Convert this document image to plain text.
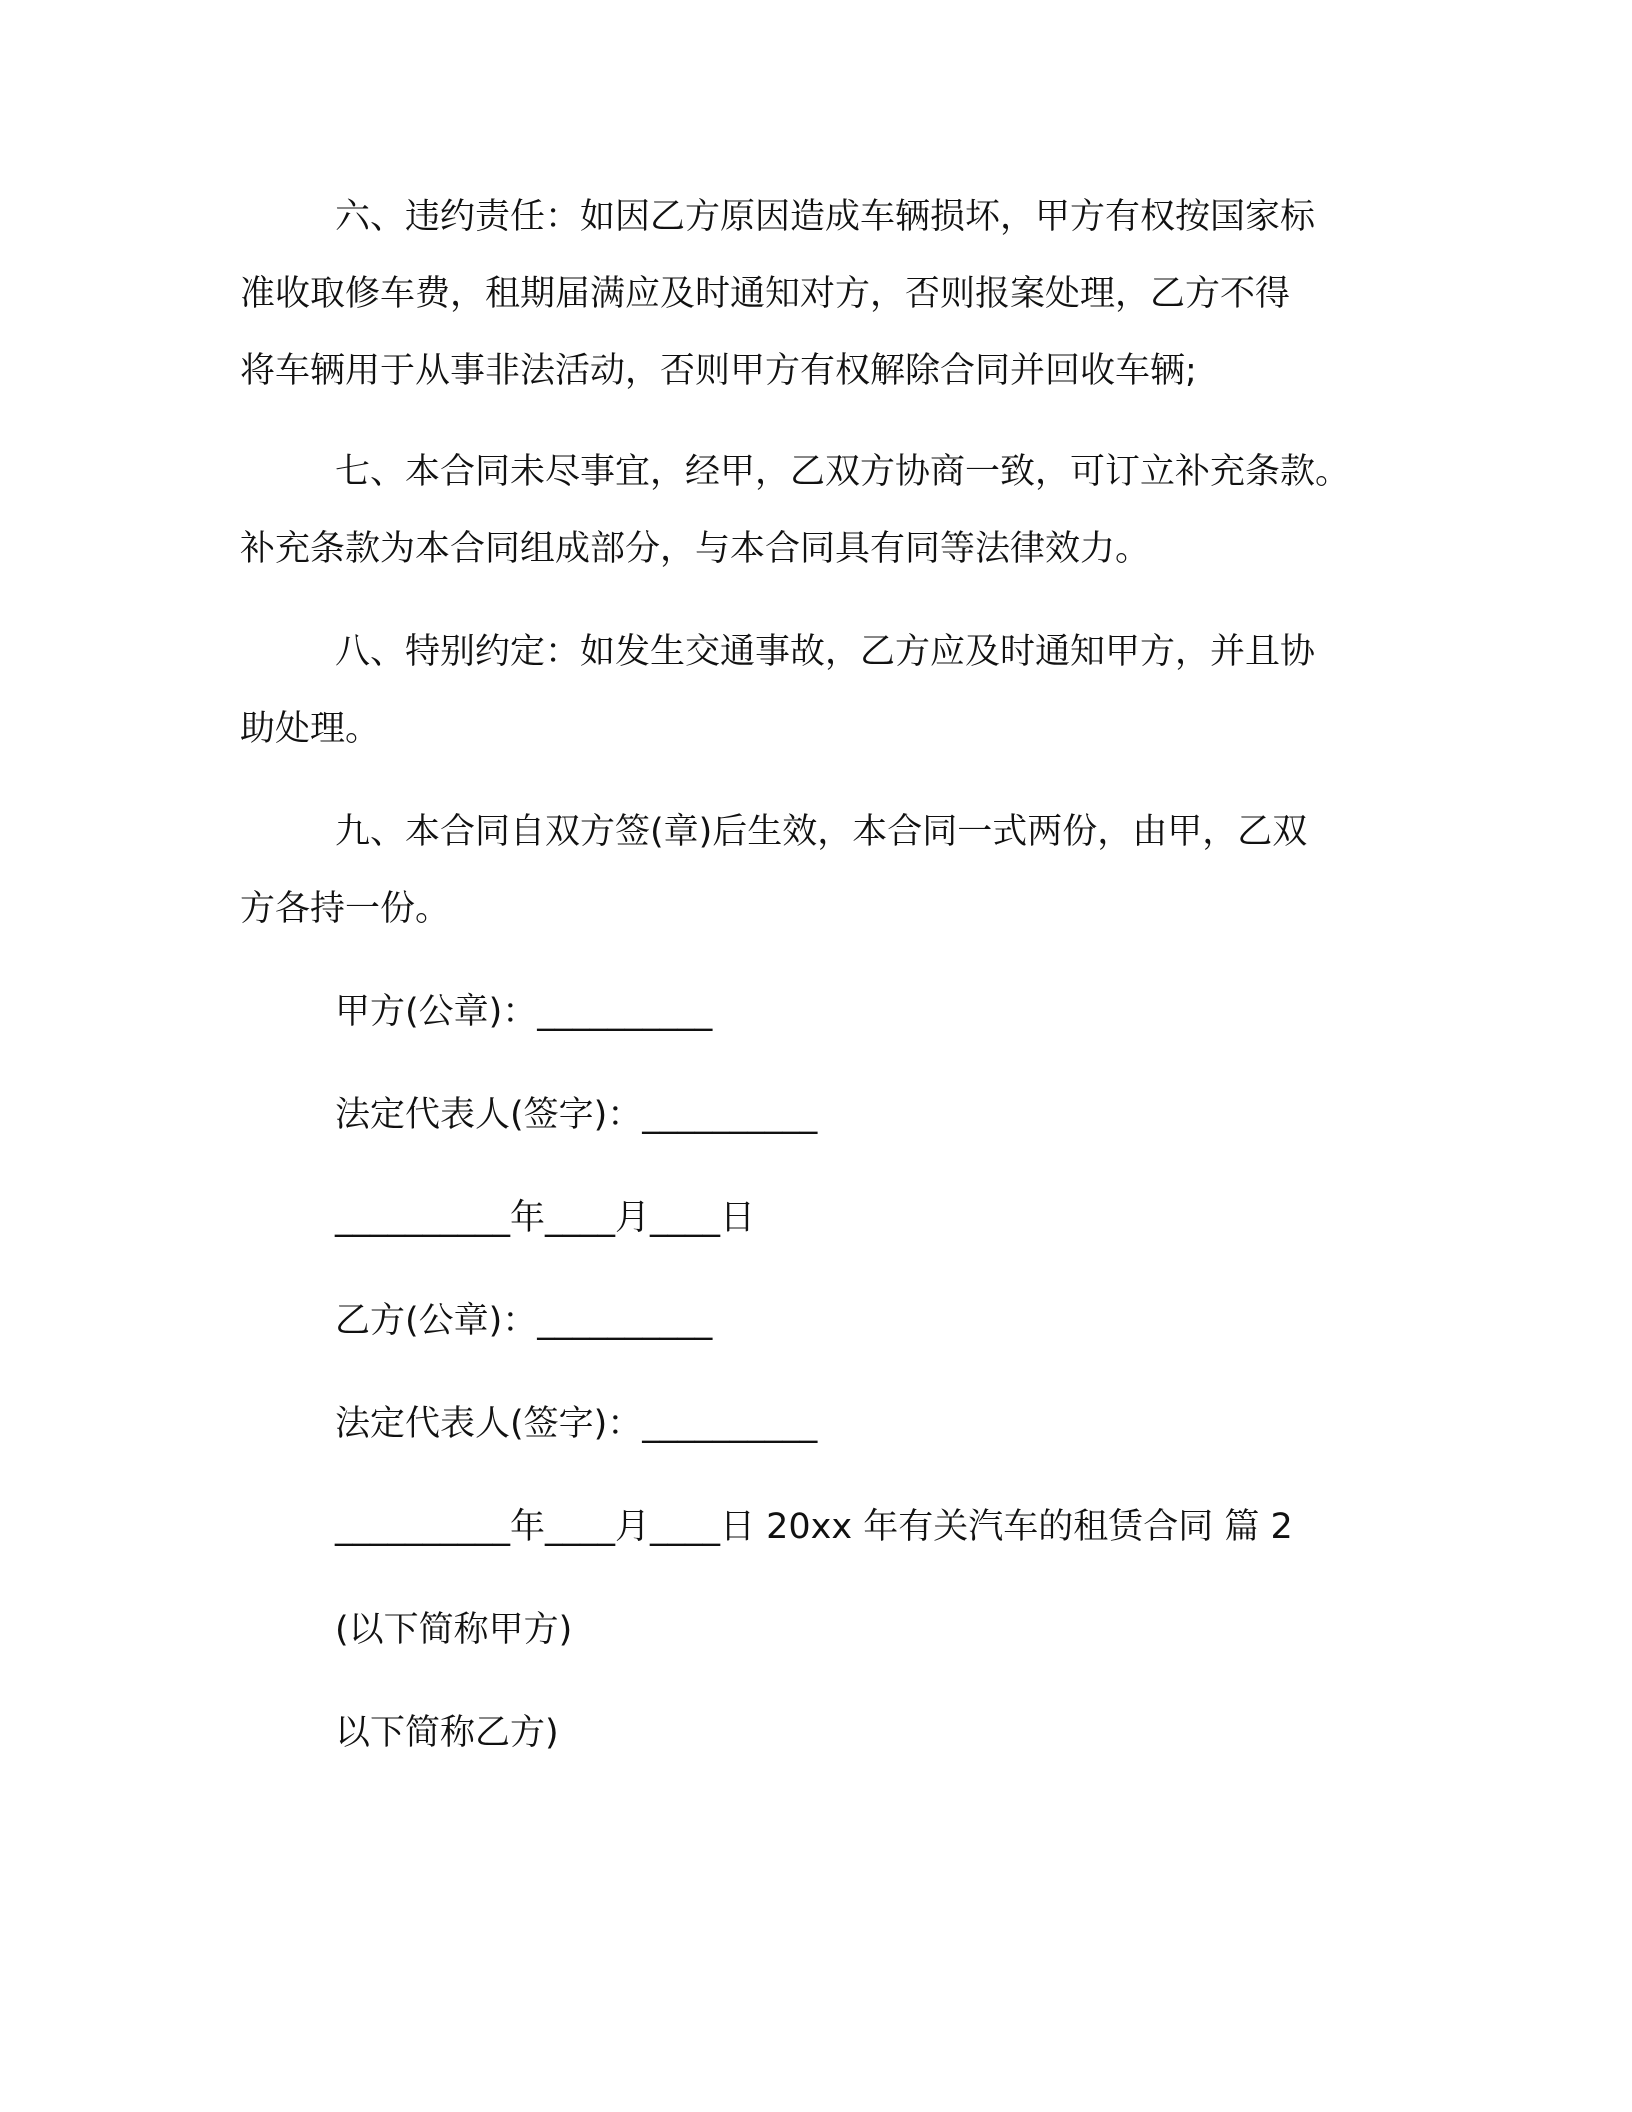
六、违约责任：如因乙方原因造成车辆损坏，甲方有权按国家标
准收取修车费，租期届满应及时通知对方，否则报案处理，乙方不得
将车辆用于从事非法活动，否则甲方有权解除合同并回收车辆;
七、本合同未尽事宜，经甲，乙双方协商一致，可订立补充条款。
补充条款为本合同组成部分，与本合同具有同等法律效力。
八、特别约定：如发生交通事故，乙方应及时通知甲方，并且协
助处理。
九、本合同自双方签(章)后生效，本合同一式两份，由甲，乙双
方各持一份。
甲方(公章)：__________
法定代表人(签字)：__________
__________年____月____日
乙方(公章)：__________
法定代表人(签字)：__________
__________年____月____日 20xx 年有关汽车的租赁合同 篇 2
(以下简称甲方)
以下简称乙方)
